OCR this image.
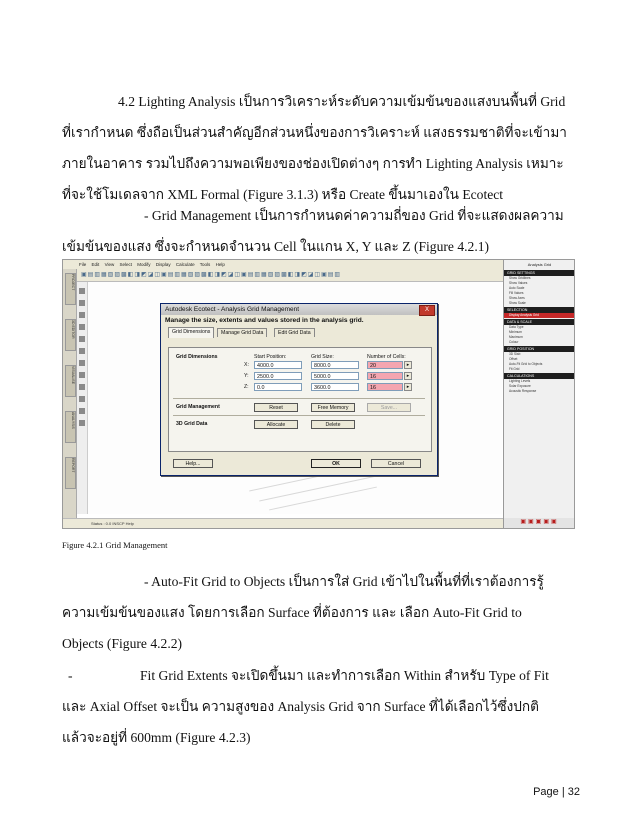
4.2 Lighting Analysis เป็นการวิเคราะห์ระดับความเข้มข้นของแสงบนพื้นที่ Grid

ที่เรากำหนด ซึ่งถือเป็นส่วนสำคัญอีกส่วนหนึ่งของการวิเคราะห์ แสงธรรมชาติที่จะเข้ามา

ภายในอาคาร รวมไปถึงความพอเพียงของช่องเปิดต่างๆ การทำ Lighting Analysis เหมาะ

ที่จะใช้โมเดลจาก XML Formal (Figure 3.1.3) หรือ Create ขึ้นมาเองใน Ecotect

- Grid Management เป็นการกำหนดค่าความถี่ของ Grid ที่จะแสดงผลความ

เข้มข้นของแสง ซึ่งจะกำหนดจำนวน Cell ในแกน X, Y และ Z (Figure 4.2.1)

File Edit View Select Modify Display Calculate Tools Help
▣▤▥▦▧▨▩◧◨◩◪◫▣▤▥▦▧▨▩◧◨◩◪◫▣▤▥▦▧▨▩◧◨◩◪◫▣▤▥
PROJECT
3D EDITOR
VISUALISE
ANALYSIS
REPORT
Status : 0.0 INSCP Help
Analysis Grid
GRID SETTINGS
Show Gridlines
Show Values
Auto Scale
Fill Values
Show Axes
Show Scale
SELECTION
Display Analysis Grid
DATA & SCALE
Data Type
Minimum
Maximum
Colour
GRID POSITION
3D Slab
Offset
Auto-Fit Grid to Objects
Fit Grid
CALCULATIONS
Lighting Levels
Solar Exposure
Acoustic Response
▣▣▣▣▣
Autodesk Ecotect - Analysis Grid Management	X
Manage the size, extents and values stored in the analysis grid.
Grid Dimensions	Manage Grid Data	Edit Grid Data
Grid Dimensions	Start Position:	Grid Size:	Number of Cells:
X:	4000.0	8000.0	20	▸
Y:	2500.0	5000.0	16	▸
Z:	0.0	3600.0	16	▸
Grid Management	Reset	Free Memory	Save...
3D Grid Data	Allocate	Delete
Help...	OK	Cancel
Figure 4.2.1 Grid Management

- Auto-Fit Grid to Objects เป็นการใส่ Grid เข้าไปในพื้นที่ที่เราต้องการรู้

ความเข้มข้นของแสง โดยการเลือก Surface ที่ต้องการ และ เลือก Auto-Fit Grid to

Objects (Figure 4.2.2)

-	Fit Grid Extents จะเปิดขึ้นมา และทำการเลือก Within สำหรับ Type of Fit

และ Axial Offset จะเป็น ความสูงของ Analysis Grid จาก Surface ที่ได้เลือกไว้ซึ่งปกติ

แล้วจะอยู่ที่ 600mm (Figure 4.2.3)

Page | 32
